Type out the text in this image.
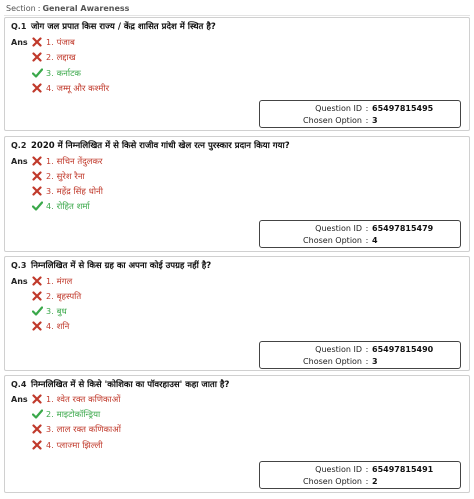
Section : General Awareness
Q.1 जोग जल प्रपात किस राज्य / केंद्र शासित प्रदेश में स्थित है?
Ans 1. पंजाब
2. लद्दाख
3. कर्नाटक
4. जम्मू और कश्मीर
Question ID : 65497815495
Chosen Option : 3
Q.2 2020 में निम्नलिखित में से किसे राजीव गांधी खेल रत्न पुरस्कार प्रदान किया गया?
Ans 1. सचिन तेंदुलकर
2. सुरेश रैना
3. महेंद्र सिंह धोनी
4. रोहित शर्मा
Question ID : 65497815479
Chosen Option : 4
Q.3 निम्नलिखित में से किस ग्रह का अपना कोई उपग्रह नहीं है?
Ans 1. मंगल
2. बृहस्पति
3. बुध
4. शनि
Question ID : 65497815490
Chosen Option : 3
Q.4 निम्नलिखित में से किसे 'कोशिका का पॉवरहाउस' कहा जाता है?
Ans 1. श्वेत रक्त कणिकाओं
2. माइटोकॉन्ड्रिया
3. लाल रक्त कणिकाओं
4. प्लाज्मा झिल्ली
Question ID : 65497815491
Chosen Option : 2
